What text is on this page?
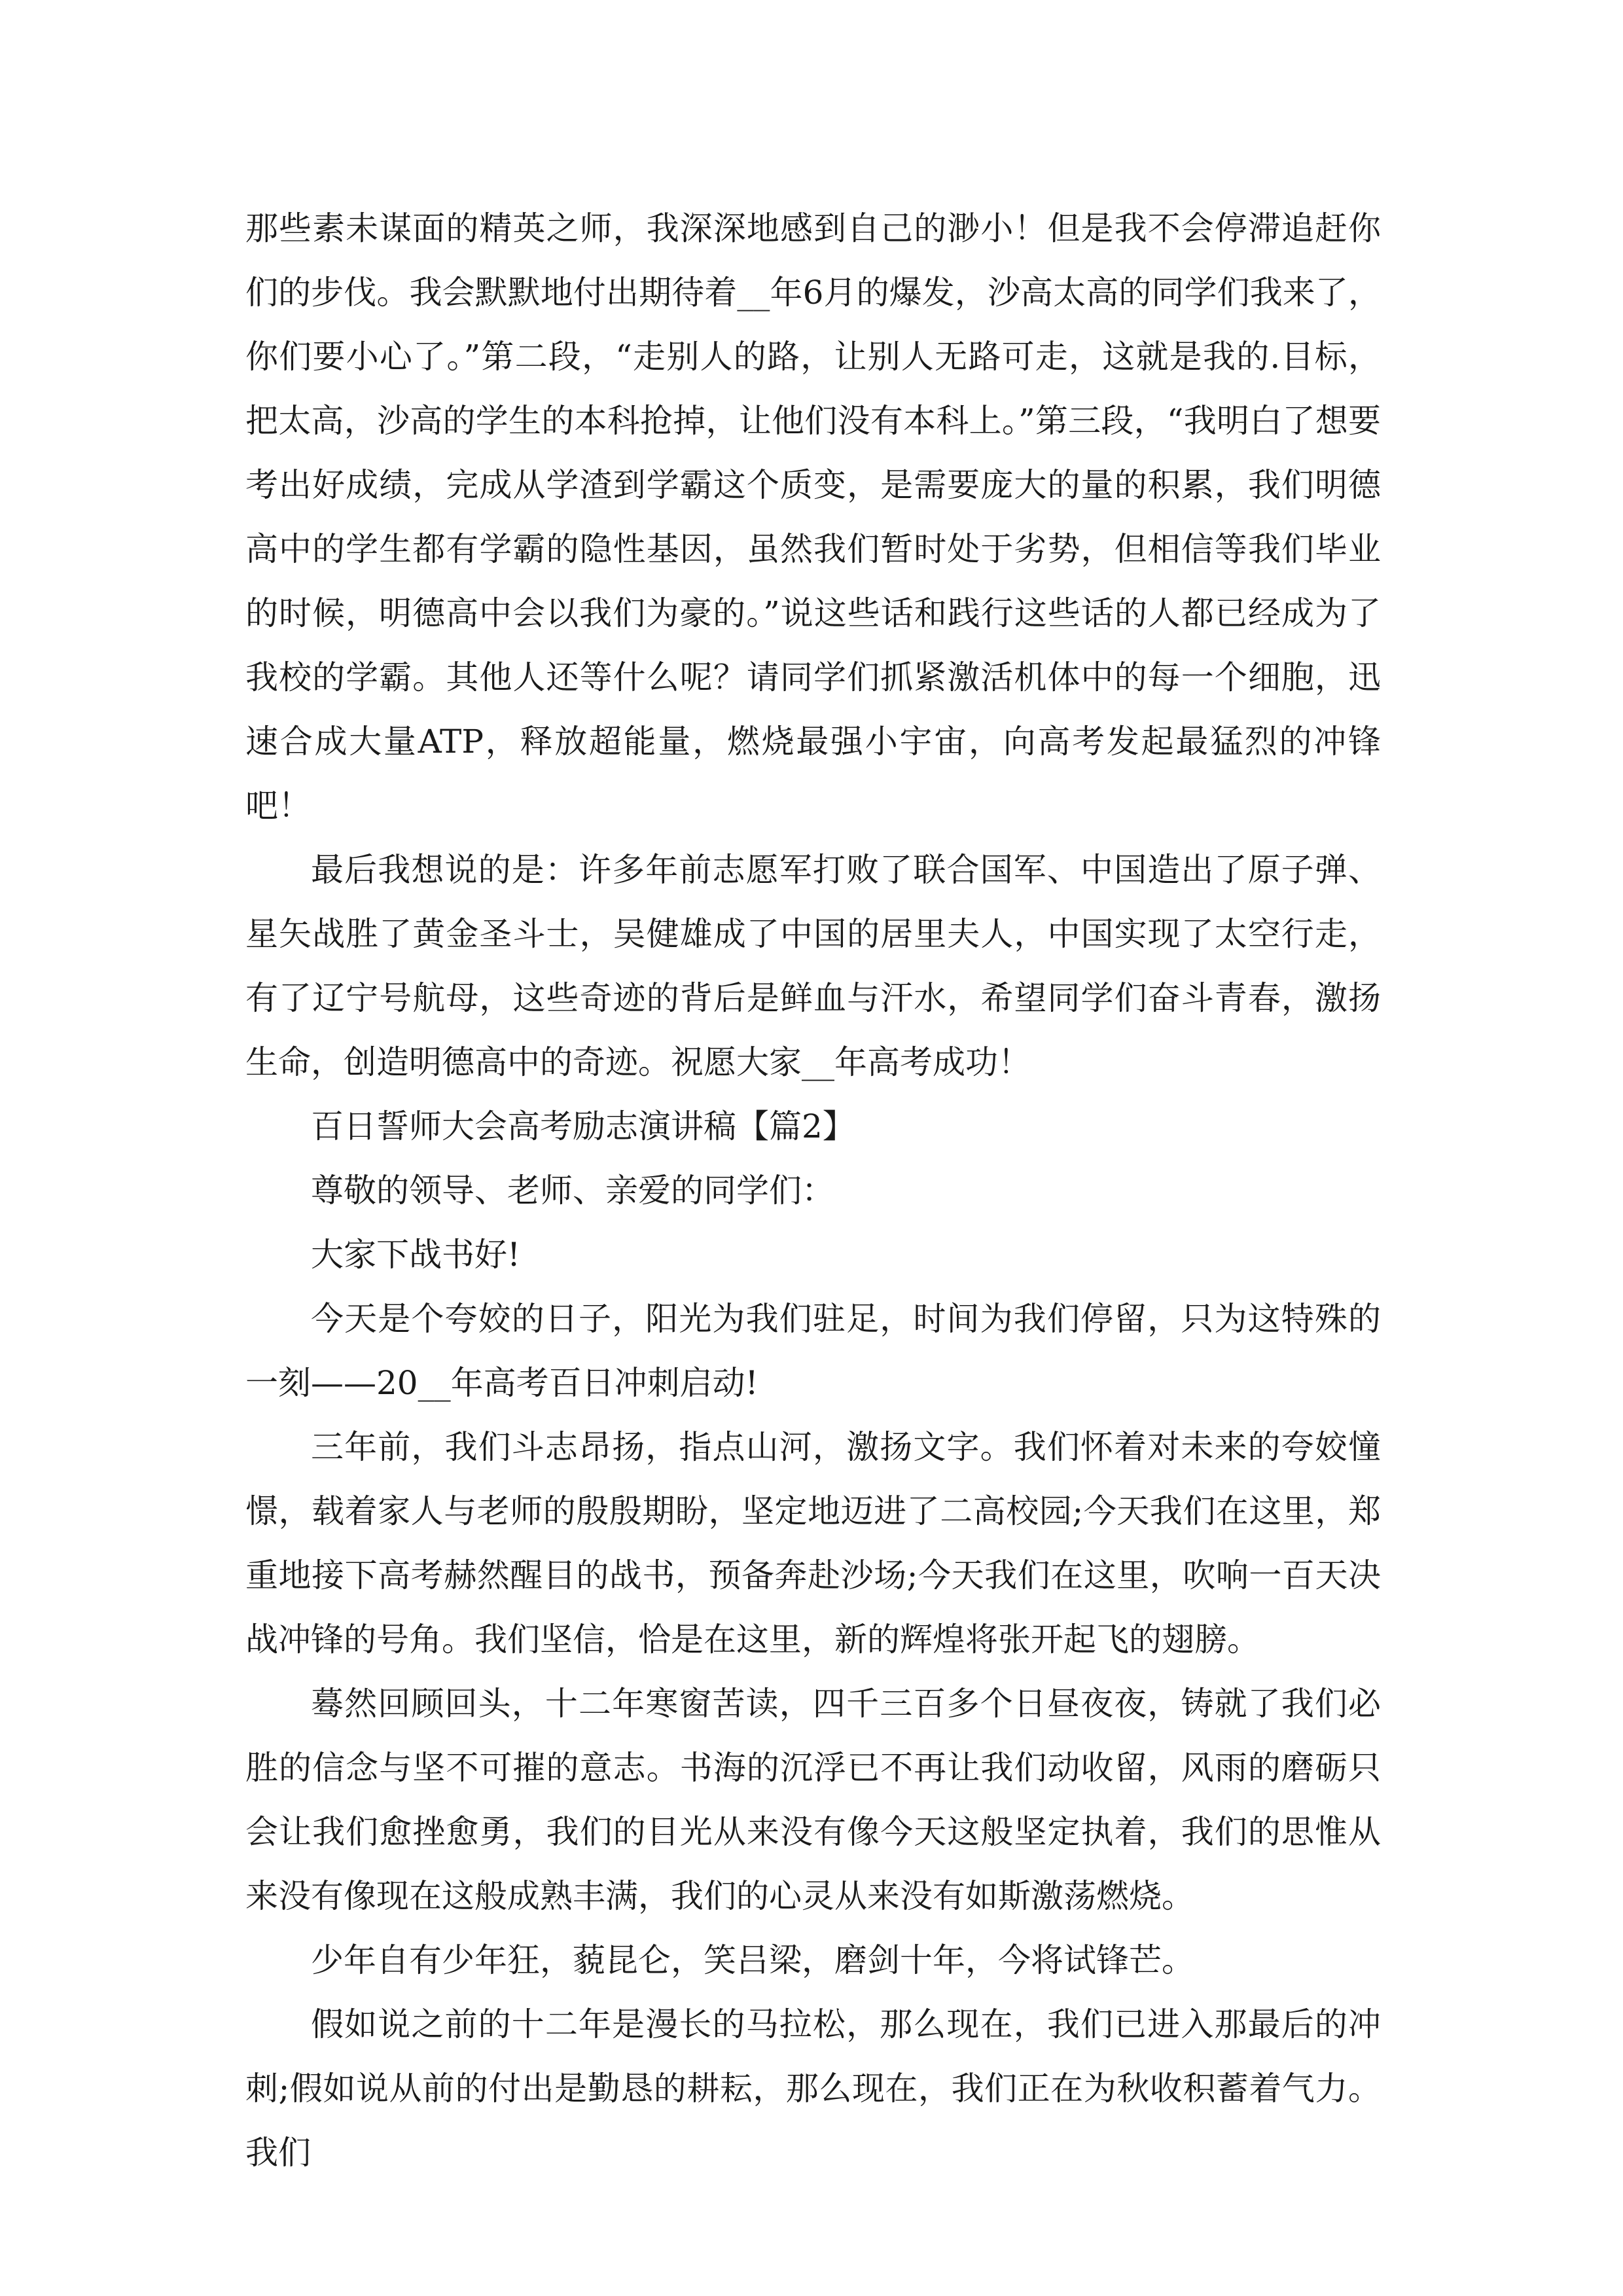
那些素未谋面的精英之师，我深深地感到自己的渺小！但是我不会停滞追赶你们的步伐。我会默默地付出期待着__年6月的爆发，沙高太高的同学们我来了，你们要小心了。”第二段，“走别人的路，让别人无路可走，这就是我的.目标，把太高，沙高的学生的本科抢掉，让他们没有本科上。”第三段，“我明白了想要考出好成绩，完成从学渣到学霸这个质变，是需要庞大的量的积累，我们明德高中的学生都有学霸的隐性基因，虽然我们暂时处于劣势，但相信等我们毕业的时候，明德高中会以我们为豪的。”说这些话和践行这些话的人都已经成为了我校的学霸。其他人还等什么呢？请同学们抓紧激活机体中的每一个细胞，迅速合成大量ATP，释放超能量，燃烧最强小宇宙，向高考发起最猛烈的冲锋吧！

最后我想说的是：许多年前志愿军打败了联合国军、中国造出了原子弹、星矢战胜了黄金圣斗士，吴健雄成了中国的居里夫人，中国实现了太空行走，有了辽宁号航母，这些奇迹的背后是鲜血与汗水，希望同学们奋斗青春，激扬生命，创造明德高中的奇迹。祝愿大家__年高考成功！

百日誓师大会高考励志演讲稿【篇2】

尊敬的领导、老师、亲爱的同学们：

大家下战书好!

今天是个夸姣的日子，阳光为我们驻足，时间为我们停留，只为这特殊的一刻——20__年高考百日冲刺启动!

三年前，我们斗志昂扬，指点山河，激扬文字。我们怀着对未来的夸姣憧憬，载着家人与老师的殷殷期盼，坚定地迈进了二高校园;今天我们在这里，郑重地接下高考赫然醒目的战书，预备奔赴沙场;今天我们在这里，吹响一百天决战冲锋的号角。我们坚信，恰是在这里，新的辉煌将张开起飞的翅膀。

蓦然回顾回头，十二年寒窗苦读，四千三百多个日昼夜夜，铸就了我们必胜的信念与坚不可摧的意志。书海的沉浮已不再让我们动收留，风雨的磨砺只会让我们愈挫愈勇，我们的目光从来没有像今天这般坚定执着，我们的思惟从来没有像现在这般成熟丰满，我们的心灵从来没有如斯激荡燃烧。

少年自有少年狂，藐昆仑，笑吕梁，磨剑十年，今将试锋芒。

假如说之前的十二年是漫长的马拉松，那么现在，我们已进入那最后的冲刺;假如说从前的付出是勤恳的耕耘，那么现在，我们正在为秋收积蓄着气力。我们
